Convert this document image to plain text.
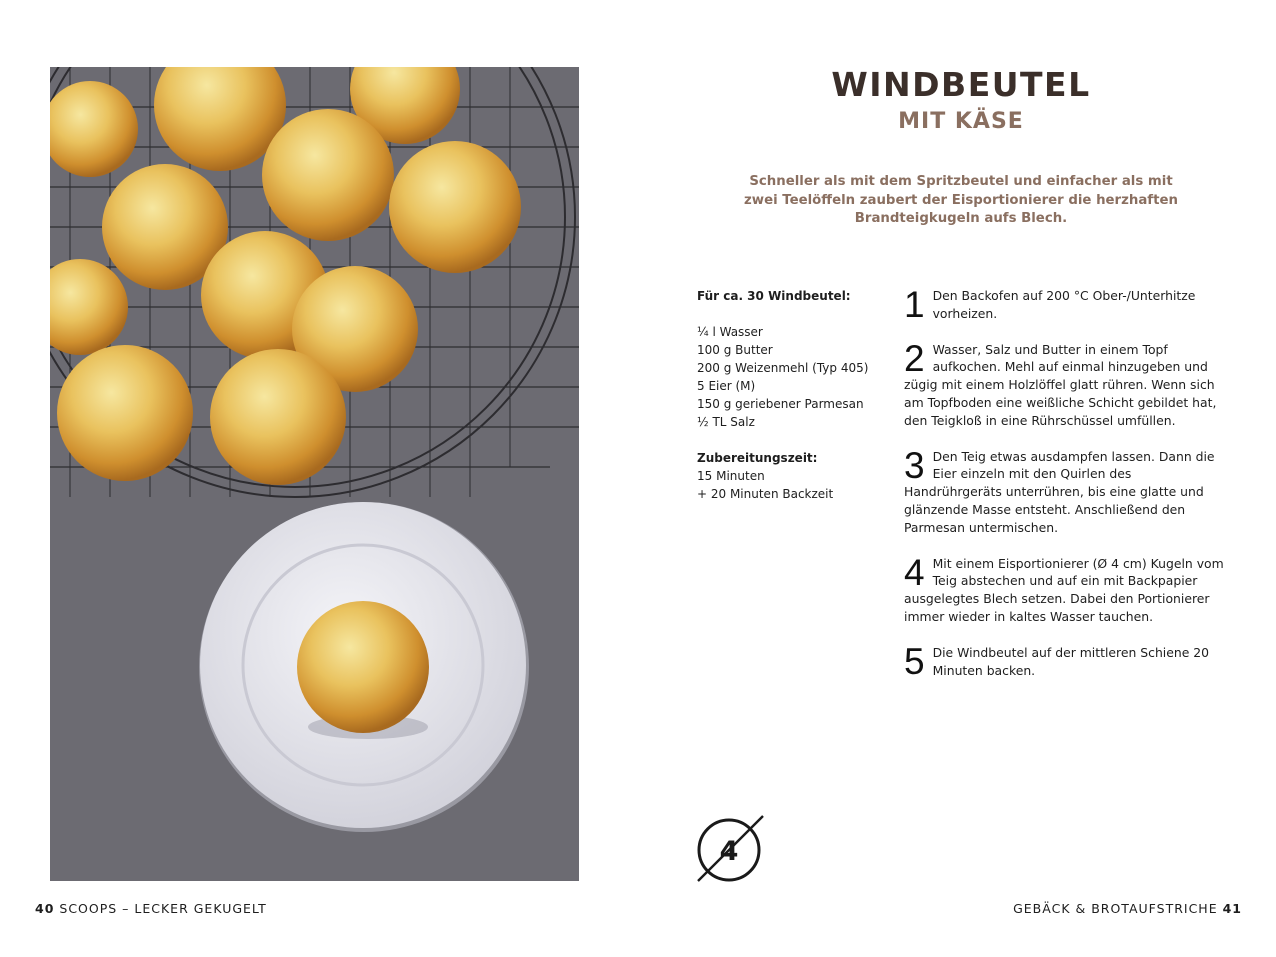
WINDBEUTEL
MIT KÄSE
Schneller als mit dem Spritzbeutel und einfacher als mit zwei Teelöffeln zaubert der Eisportionierer die herzhaften Brandteigkugeln aufs Blech.
Für ca. 30 Windbeutel:
¼ l Wasser
100 g Butter
200 g Weizenmehl (Typ 405)
5 Eier (M)
150 g geriebener Parmesan
½ TL Salz
Zubereitungszeit:
15 Minuten
+ 20 Minuten Backzeit
1 Den Backofen auf 200 °C Ober-/Unterhitze vorheizen.

2 Wasser, Salz und Butter in einem Topf aufkochen. Mehl auf einmal hinzugeben und zügig mit einem Holzlöffel glatt rühren. Wenn sich am Topfboden eine weißliche Schicht gebildet hat, den Teigkloß in eine Rührschüssel umfüllen.

3 Den Teig etwas ausdampfen lassen. Dann die Eier einzeln mit den Quirlen des Handrührgeräts unterrühren, bis eine glatte und glänzende Masse entsteht. Anschließend den Parmesan untermischen.

4 Mit einem Eisportionierer (Ø 4 cm) Kugeln vom Teig abstechen und auf ein mit Backpapier ausgelegtes Blech setzen. Dabei den Portionierer immer wieder in kaltes Wasser tauchen.

5 Die Windbeutel auf der mittleren Schiene 20 Minuten backen.

4
40 SCOOPS – LECKER GEKUGELT	GEBÄCK & BROTAUFSTRICHE 41
